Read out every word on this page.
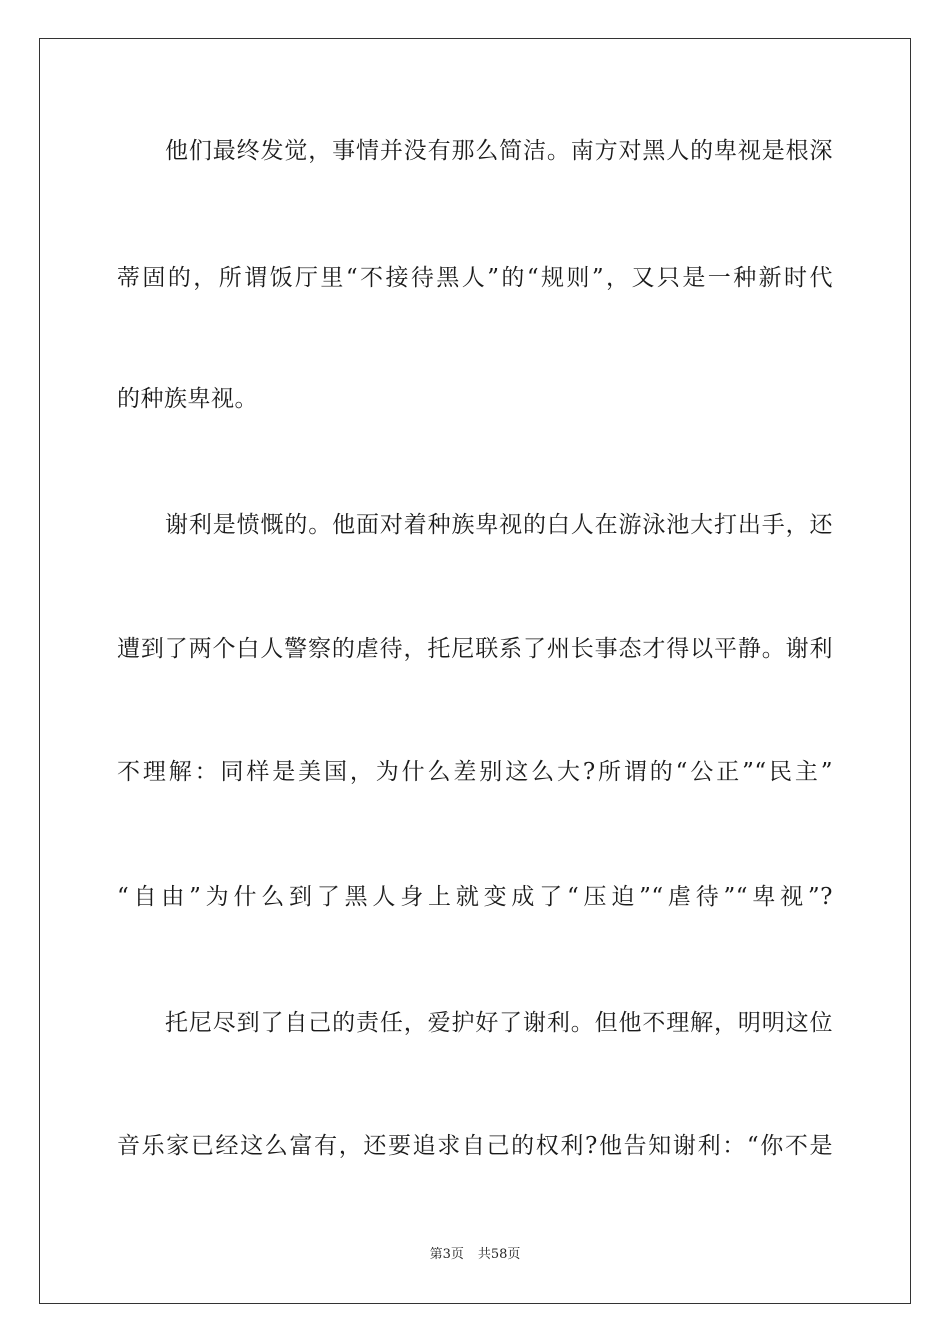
他们最终发觉，事情并没有那么简洁。南方对黑人的卑视是根深
蒂固的，所谓饭厅里“不接待黑人”的“规则”，又只是一种新时代
的种族卑视。
谢利是愤慨的。他面对着种族卑视的白人在游泳池大打出手，还
遭到了两个白人警察的虐待，托尼联系了州长事态才得以平静。谢利
不理解：同样是美国，为什么差别这么大?所谓的“公正”“民主”
“自由”为什么到了黑人身上就变成了“压迫”“虐待”“卑视”?
托尼尽到了自己的责任，爱护好了谢利。但他不理解，明明这位
音乐家已经这么富有，还要追求自己的权利?他告知谢利：“你不是
第3页 共58页
